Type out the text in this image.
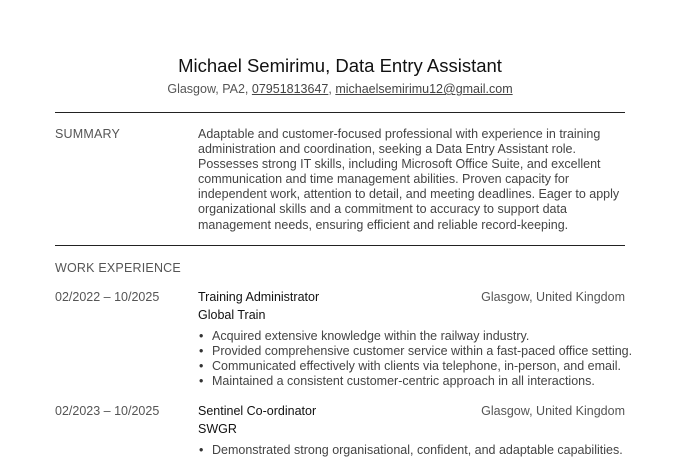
Michael Semirimu, Data Entry Assistant
Glasgow, PA2, 07951813647, michaelsemirimu12@gmail.com
SUMMARY	Adaptable and customer-focused professional with experience in training administration and coordination, seeking a Data Entry Assistant role. Possesses strong IT skills, including Microsoft Office Suite, and excellent communication and time management abilities. Proven capacity for independent work, attention to detail, and meeting deadlines. Eager to apply organizational skills and a commitment to accuracy to support data management needs, ensuring efficient and reliable record-keeping.
WORK EXPERIENCE
02/2022 – 10/2025	Training Administrator	Glasgow, United Kingdom
Global Train
• Acquired extensive knowledge within the railway industry.
• Provided comprehensive customer service within a fast-paced office setting.
• Communicated effectively with clients via telephone, in-person, and email.
• Maintained a consistent customer-centric approach in all interactions.
02/2023 – 10/2025	Sentinel Co-ordinator	Glasgow, United Kingdom
SWGR
• Demonstrated strong organisational, confident, and adaptable capabilities.
